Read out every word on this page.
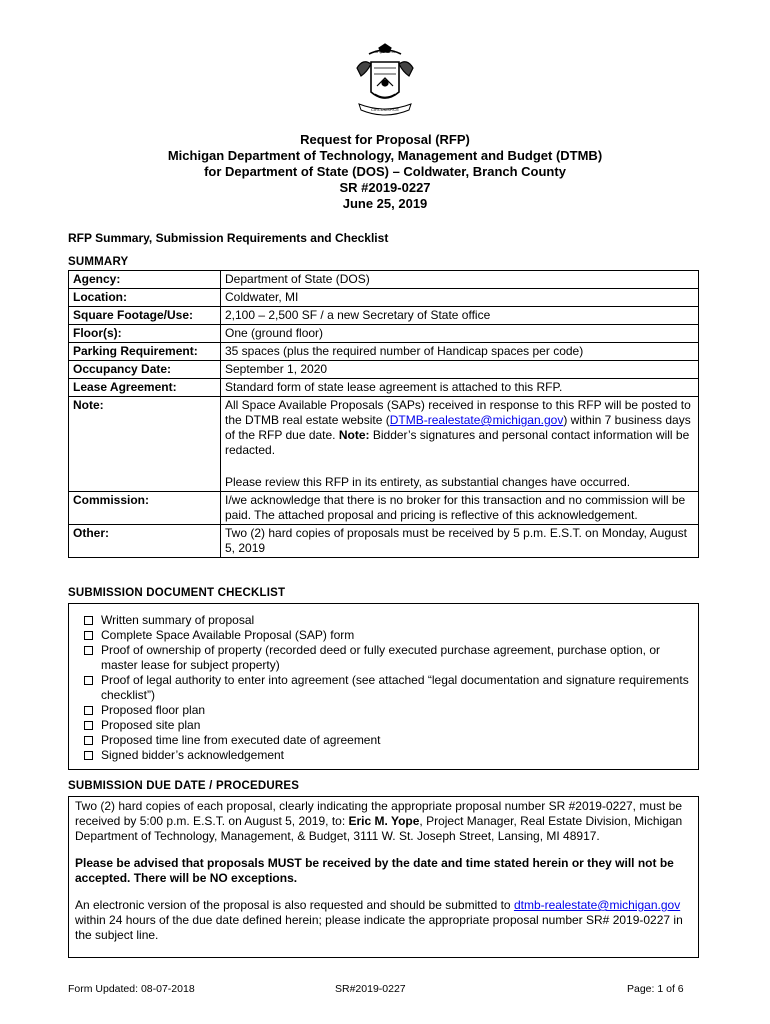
SI QUAERIS
CIRCUMSPICE
Request for Proposal (RFP)
Michigan Department of Technology, Management and Budget (DTMB)
for Department of State (DOS) – Coldwater, Branch County
SR #2019-0227
June 25, 2019
RFP Summary, Submission Requirements and Checklist
SUMMARY
Agency:	Department of State (DOS)
Location:	Coldwater, MI
Square Footage/Use:	2,100 – 2,500 SF / a new Secretary of State office
Floor(s):	One (ground floor)
Parking Requirement:	35 spaces (plus the required number of Handicap spaces per code)
Occupancy Date:	September 1, 2020
Lease Agreement:	Standard form of state lease agreement is attached to this RFP.
Note:	All Space Available Proposals (SAPs) received in response to this RFP will be posted to the DTMB real estate website (DTMB-realestate@michigan.gov) within 7 business days of the RFP due date. Note: Bidder’s signatures and personal contact information will be redacted.

Please review this RFP in its entirety, as substantial changes have occurred.

Commission:	I/we acknowledge that there is no broker for this transaction and no commission will be paid. The attached proposal and pricing is reflective of this acknowledgement.
Other:	Two (2) hard copies of proposals must be received by 5 p.m. E.S.T. on Monday, August 5, 2019
SUBMISSION DOCUMENT CHECKLIST
Written summary of proposal
Complete Space Available Proposal (SAP) form
Proof of ownership of property (recorded deed or fully executed purchase agreement, purchase option, or master lease for subject property)
Proof of legal authority to enter into agreement (see attached “legal documentation and signature requirements checklist”)
Proposed floor plan
Proposed site plan
Proposed time line from executed date of agreement
Signed bidder’s acknowledgement
SUBMISSION DUE DATE / PROCEDURES

Two (2) hard copies of each proposal, clearly indicating the appropriate proposal number SR #2019-0227, must be received by 5:00 p.m. E.S.T. on August 5, 2019, to: Eric M. Yope, Project Manager, Real Estate Division, Michigan Department of Technology, Management, & Budget, 3111 W. St. Joseph Street, Lansing, MI 48917.

Please be advised that proposals MUST be received by the date and time stated herein or they will not be accepted. There will be NO exceptions.

An electronic version of the proposal is also requested and should be submitted to dtmb-realestate@michigan.gov within 24 hours of the due date defined herein; please indicate the appropriate proposal number SR# 2019-0227 in the subject line.

Form Updated: 08-07-2018	SR#2019-0227	Page: 1 of 6
